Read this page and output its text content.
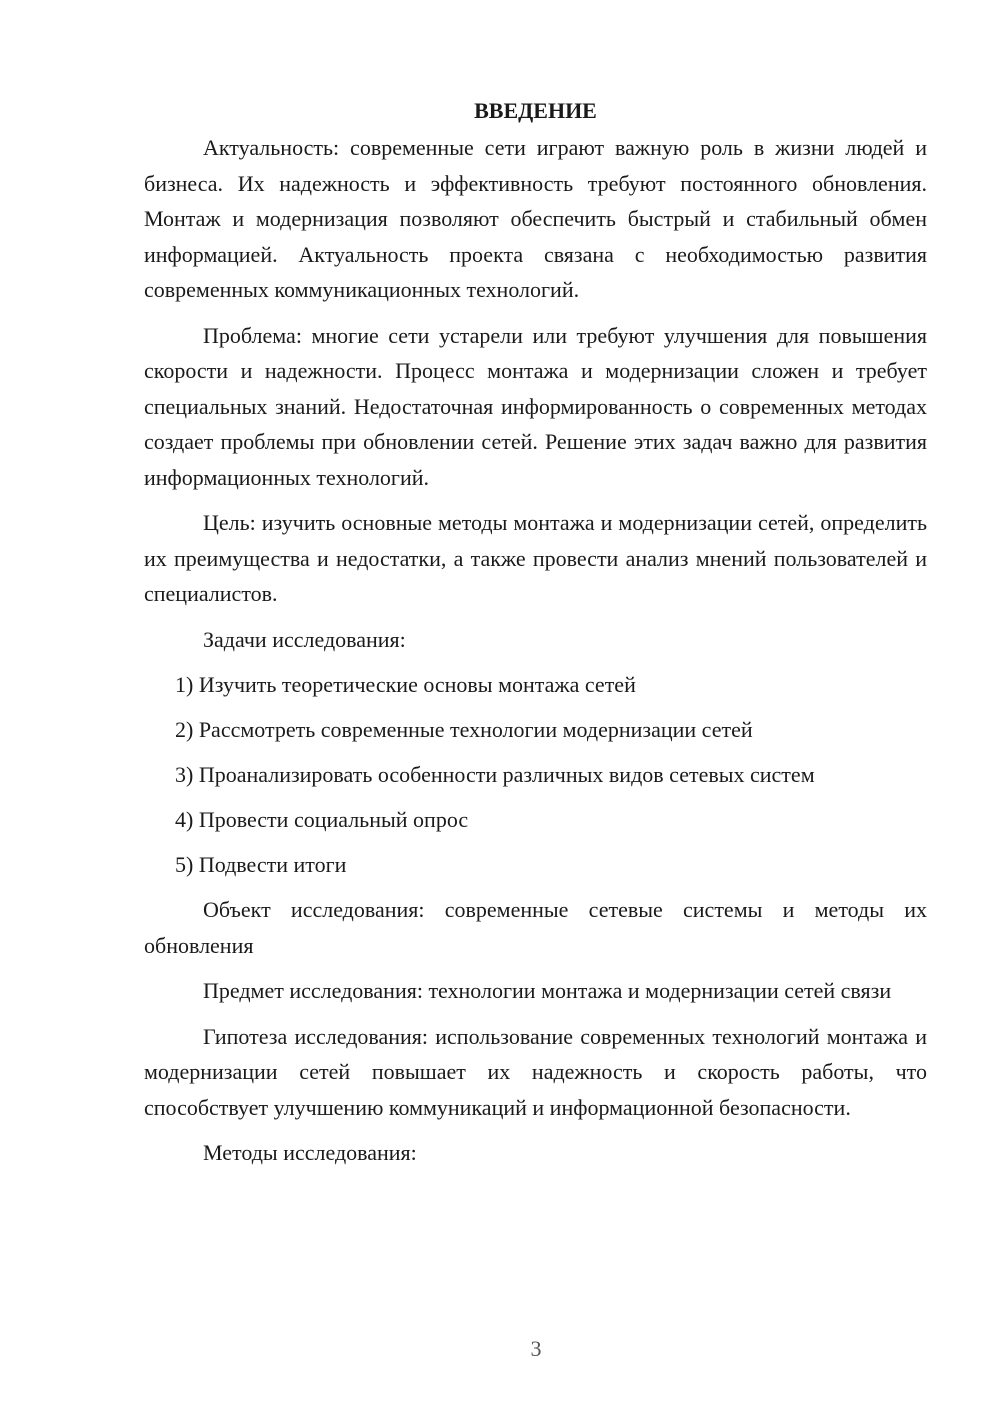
ВВЕДЕНИЕ

Актуальность: современные сети играют важную роль в жизни людей и бизнеса. Их надежность и эффективность требуют постоянного обновления. Монтаж и модернизация позволяют обеспечить быстрый и стабильный обмен информацией. Актуальность проекта связана с необходимостью развития современных коммуникационных технологий.

Проблема: многие сети устарели или требуют улучшения для повышения скорости и надежности. Процесс монтажа и модернизации сложен и требует специальных знаний. Недостаточная информированность о современных методах создает проблемы при обновлении сетей. Решение этих задач важно для развития информационных технологий.

Цель: изучить основные методы монтажа и модернизации сетей, определить их преимущества и недостатки, а также провести анализ мнений пользователей и специалистов.

Задачи исследования:

1) Изучить теоретические основы монтажа сетей
2) Рассмотреть современные технологии модернизации сетей
3) Проанализировать особенности различных видов сетевых систем
4) Провести социальный опрос
5) Подвести итоги

Объект исследования: современные сетевые системы и методы их обновления

Предмет исследования: технологии монтажа и модернизации сетей связи

Гипотеза исследования: использование современных технологий монтажа и модернизации сетей повышает их надежность и скорость работы, что способствует улучшению коммуникаций и информационной безопасности.

Методы исследования:

3
